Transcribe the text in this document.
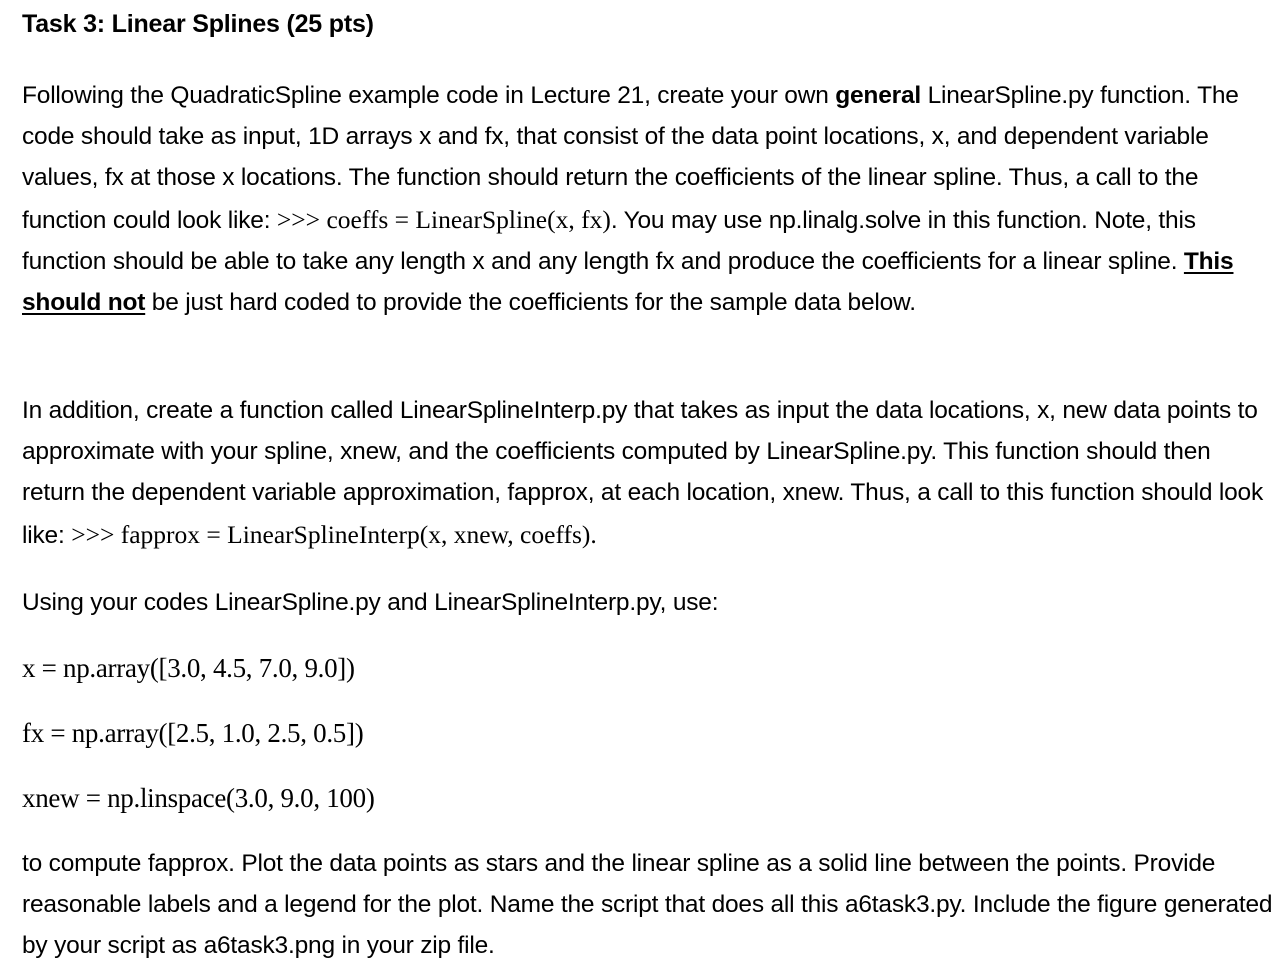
Task 3: Linear Splines (25 pts)

Following the QuadraticSpline example code in Lecture 21, create your own general LinearSpline.py function. The code should take as input, 1D arrays x and fx, that consist of the data point locations, x, and dependent variable values, fx at those x locations. The function should return the coefficients of the linear spline. Thus, a call to the function could look like: >>> coeffs = LinearSpline(x, fx). You may use np.linalg.solve in this function. Note, this function should be able to take any length x and any length fx and produce the coefficients for a linear spline. This should not be just hard coded to provide the coefficients for the sample data below.

In addition, create a function called LinearSplineInterp.py that takes as input the data locations, x, new data points to approximate with your spline, xnew, and the coefficients computed by LinearSpline.py. This function should then return the dependent variable approximation, fapprox, at each location, xnew. Thus, a call to this function should look like: >>> fapprox = LinearSplineInterp(x, xnew, coeffs).

Using your codes LinearSpline.py and LinearSplineInterp.py, use:

x = np.array([3.0, 4.5, 7.0, 9.0])
fx = np.array([2.5, 1.0, 2.5, 0.5])
xnew = np.linspace(3.0, 9.0, 100)

to compute fapprox. Plot the data points as stars and the linear spline as a solid line between the points. Provide reasonable labels and a legend for the plot. Name the script that does all this a6task3.py. Include the figure generated by your script as a6task3.png in your zip file.
